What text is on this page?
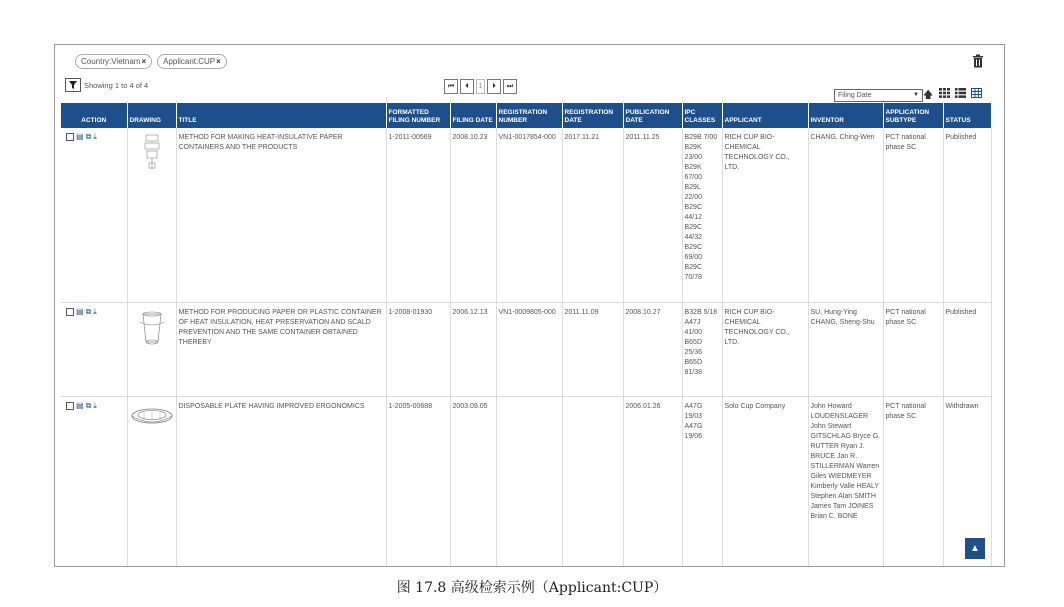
Country:Vietnam×	Applicant:CUP×
Showing 1 to 4 of 4	⏮	⏴	1	⏵	⏭
Filing Date	▼ 🡅
ACTION	DRAWING	TITLE	FORMATTED FILING NUMBER	FILING DATE	REGISTRATION NUMBER	REGISTRATION DATE	PUBLICATION DATE	IPC CLASSES	APPLICANT	INVENTOR	APPLICATION SUBTYPE	STATUS

▤ ⧉ ⤓		METHOD FOR MAKING HEAT-INSULATIVE PAPER CONTAINERS AND THE PRODUCTS	1-2011-00569	2008.10.23	VN1-0017854-000	2017.11.21	2011.11.25	B29B 7/00 B29K 23/00 B29K 67/00 B29L 22/00 B29C 44/12 B29C 44/32 B29C 69/00 B29C 70/78	RICH CUP BIO-CHEMICAL TECHNOLOGY CO., LTD.	CHANG, Ching-Wen	PCT national phase SC	Published

▤ ⧉ ⤓		METHOD FOR PRODUCING PAPER OR PLASTIC CONTAINER OF HEAT INSULATION, HEAT PRESERVATION AND SCALD PREVENTION AND THE SAME CONTAINER OBTAINED THEREBY	1-2008-01930	2006.12.13	VN1-0009805-000	2011.11.09	2008.10.27	B32B 5/18 A47J 41/00 B65D 25/36 B65D 81/38	RICH CUP BIO-CHEMICAL TECHNOLOGY CO., LTD.	SU, Hung-Ying CHANG, Sheng-Shu	PCT national phase SC	Published

▤ ⧉ ⤓		DISPOSABLE PLATE HAVING IMPROVED ERGONOMICS	1-2005-00688	2003.09.05			2006.01.26	A47G 19/03 A47G 19/06	Solo Cup Company	John Howard LOUDENSLAGER John Stewart GITSCHLAG Bryce G. RUTTER Ryan J. BRUCE Jan R. STILLERMAN Warren Giles WIEDMEYER Kimberly Valle HEALY Stephen Alan SMITH James Tam JOINES Brian C. BONE	PCT national phase SC	Withdrawn
▲
图 17.8 高级检索示例（Applicant:CUP）
